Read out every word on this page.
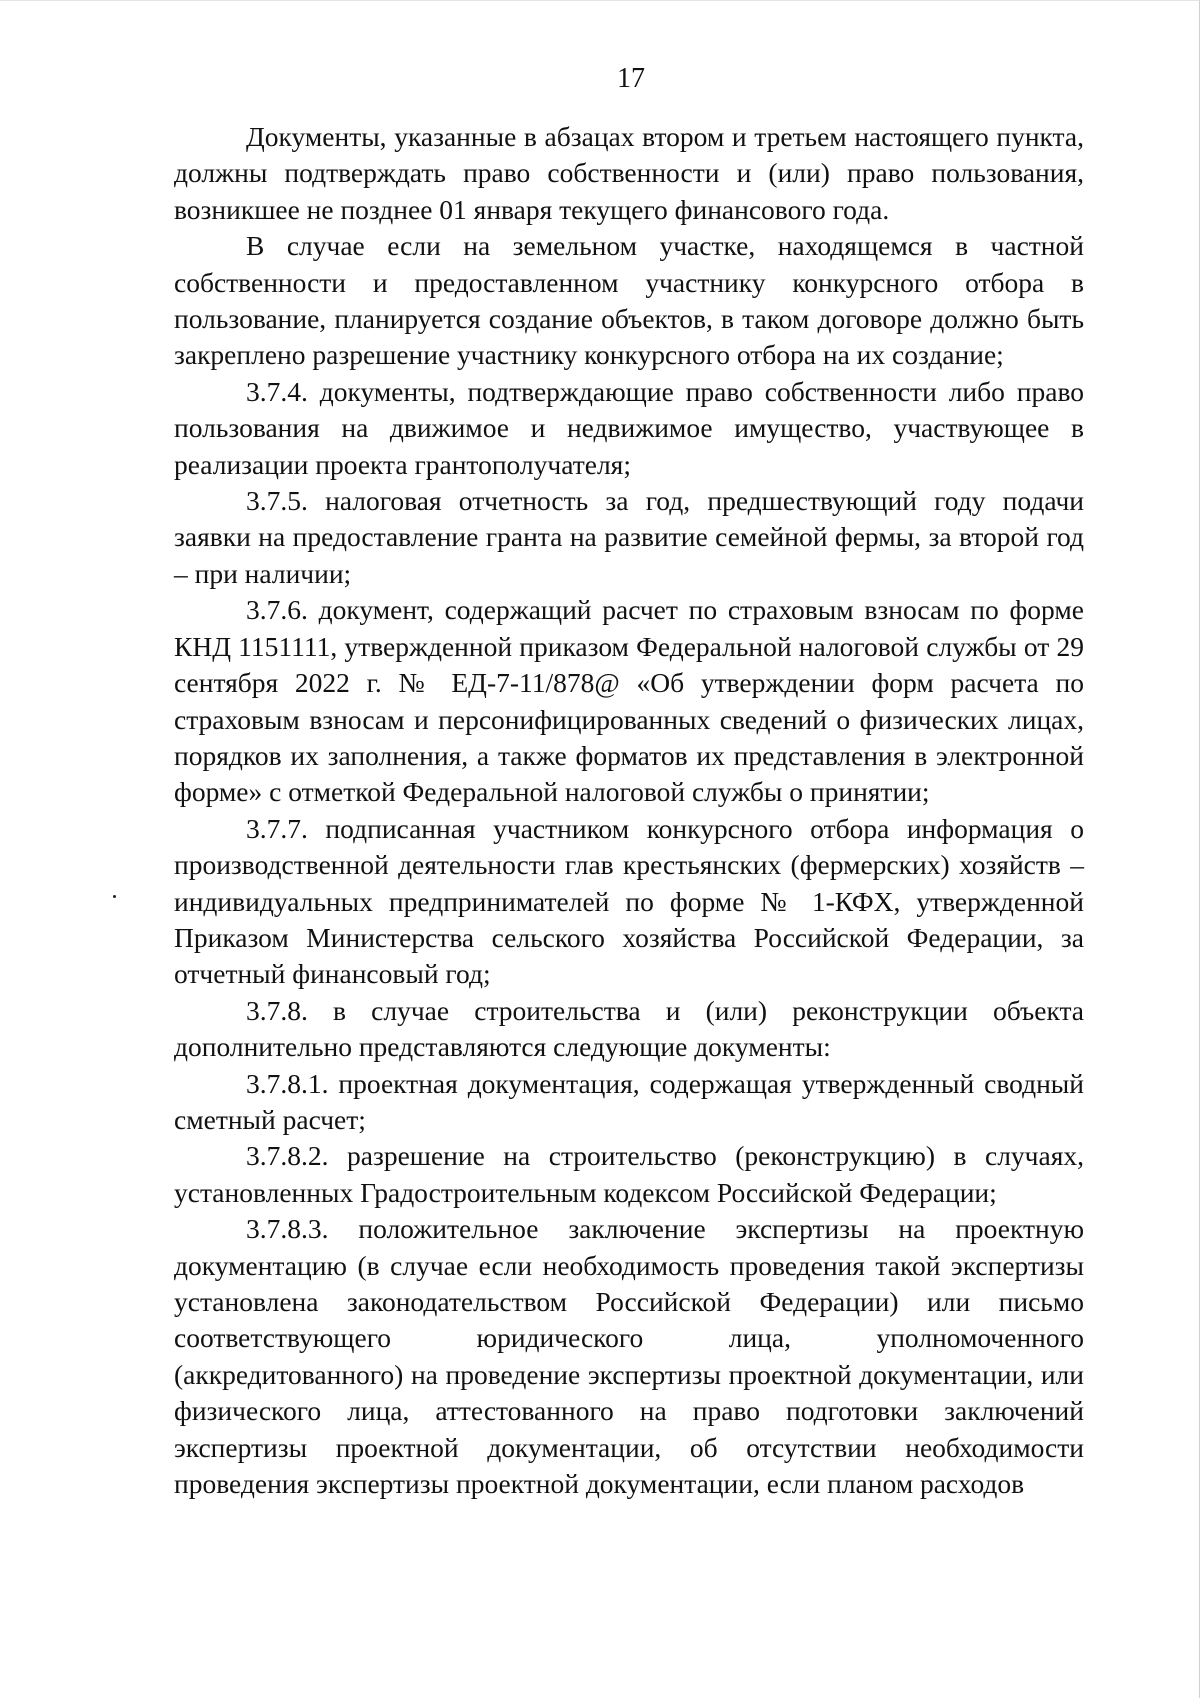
17

Документы, указанные в абзацах втором и третьем настоящего пункта, должны подтверждать право собственности и (или) право пользования, возникшее не позднее 01 января текущего финансового года.

В случае если на земельном участке, находящемся в частной собственности и предоставленном участнику конкурсного отбора в пользование, планируется создание объектов, в таком договоре должно быть закреплено разрешение участнику конкурсного отбора на их создание;

3.7.4. документы, подтверждающие право собственности либо право пользования на движимое и недвижимое имущество, участвующее в реализации проекта грантополучателя;

3.7.5. налоговая отчетность за год, предшествующий году подачи заявки на предоставление гранта на развитие семейной фермы, за второй год – при наличии;

3.7.6. документ, содержащий расчет по страховым взносам по форме КНД 1151111, утвержденной приказом Федеральной налоговой службы от 29 сентября 2022 г. № ЕД-7-11/878@ «Об утверждении форм расчета по страховым взносам и персонифицированных сведений о физических лицах, порядков их заполнения, а также форматов их представления в электронной форме» с отметкой Федеральной налоговой службы о принятии;

3.7.7. подписанная участником конкурсного отбора информация о производственной деятельности глав крестьянских (фермерских) хозяйств – индивидуальных предпринимателей по форме № 1-КФХ, утвержденной Приказом Министерства сельского хозяйства Российской Федерации, за отчетный финансовый год;

3.7.8. в случае строительства и (или) реконструкции объекта дополнительно представляются следующие документы:

3.7.8.1. проектная документация, содержащая утвержденный сводный сметный расчет;

3.7.8.2. разрешение на строительство (реконструкцию) в случаях, установленных Градостроительным кодексом Российской Федерации;

3.7.8.3. положительное заключение экспертизы на проектную документацию (в случае если необходимость проведения такой экспертизы установлена законодательством Российской Федерации) или письмо соответствующего юридического лица, уполномоченного (аккредитованного) на проведение экспертизы проектной документации, или физического лица, аттестованного на право подготовки заключений экспертизы проектной документации, об отсутствии необходимости проведения экспертизы проектной документации, если планом расходов
